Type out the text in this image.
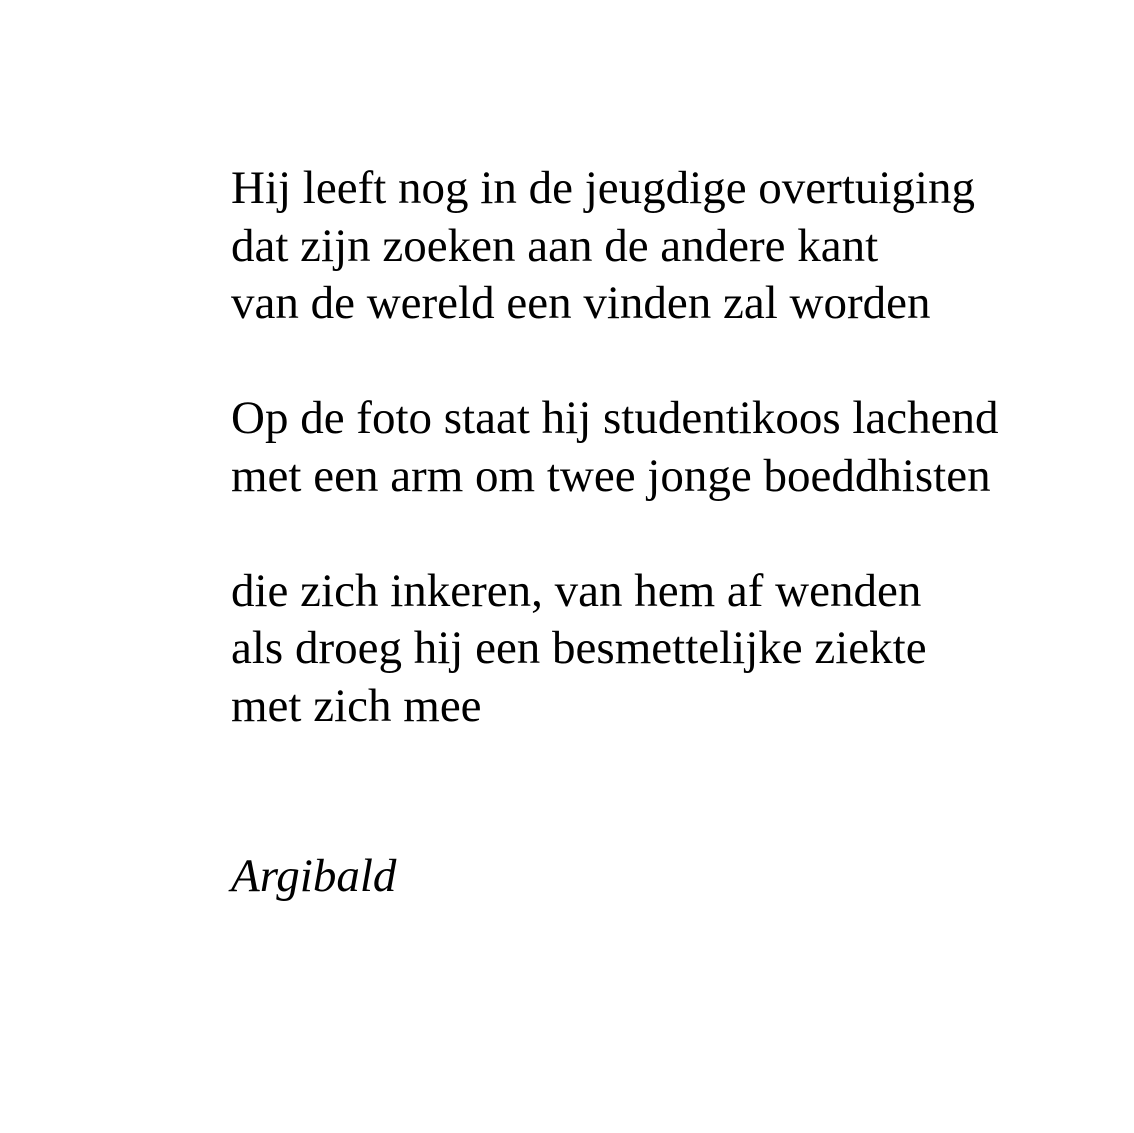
Hij leeft nog in de jeugdige overtuiging
dat zijn zoeken aan de andere kant
van de wereld een vinden zal worden
Op de foto staat hij studentikoos lachend
met een arm om twee jonge boeddhisten
die zich inkeren, van hem af wenden
als droeg hij een besmettelijke ziekte
met zich mee
Argibald
